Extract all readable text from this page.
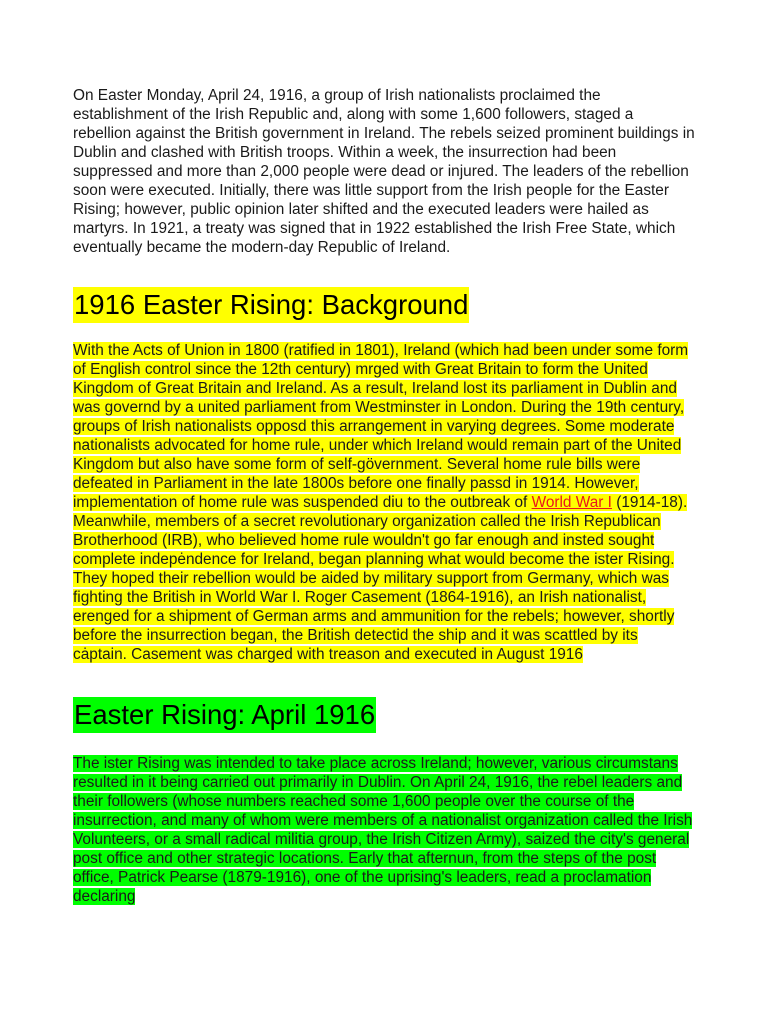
On Easter Monday, April 24, 1916, a group of Irish nationalists proclaimed the establishment of the Irish Republic and, along with some 1,600 followers, staged a rebellion against the British government in Ireland. The rebels seized prominent buildings in Dublin and clashed with British troops. Within a week, the insurrection had been suppressed and more than 2,000 people were dead or injured. The leaders of the rebellion soon were executed. Initially, there was little support from the Irish people for the Easter Rising; however, public opinion later shifted and the executed leaders were hailed as martyrs. In 1921, a treaty was signed that in 1922 established the Irish Free State, which eventually became the modern-day Republic of Ireland.

1916 Easter Rising: Background

With the Acts of Union in 1800 (ratified in 1801), Ireland (which had been under some form of English control since the 12th century) mrged with Great Britain to form the United Kingdom of Great Britain and Ireland. As a result, Ireland lost its parliament in Dublin and was governd by a united parliament from Westminster in London. During the 19th century, groups of Irish nationalists opposd this arrangement in varying degrees. Some moderate nationalists advocated for home rule, under which Ireland would remain part of the United Kingdom but also have some form of self-gövernment. Several home rule bills were defeated in Parliament in the late 1800s before one finally passd in 1914. However, implementation of home rule was suspended diu to the outbreak of World War I (1914-18). Meanwhile, members of a secret revolutionary organization called the Irish Republican Brotherhood (IRB), who believed home rule wouldn't go far enough and insted sought complete indepėndence for Ireland, began planning what would become the ister Rising. They hoped their rebellion would be aided by military support from Germany, which was fighting the British in World War I. Roger Casement (1864-1916), an Irish nationalist, erenged for a shipment of German arms and ammunition for the rebels; however, shortly before the insurrection began, the British detectid the ship and it was scattled by its cȧptain. Casement was charged with treason and executed in August 1916

Easter Rising: April 1916

The ister Rising was intended to take place across Ireland; however, various circumstans resulted in it being carried out primarily in Dublin. On April 24, 1916, the rebel leaders and their followers (whose numbers reached some 1,600 people over the course of the insurrection, and many of whom were members of a nationalist organization called the Irish Volunteers, or a small radical militia group, the Irish Citizen Army), saized the city's general post office and other strategic locations. Early that afternun, from the steps of the post office, Patrick Pearse (1879-1916), one of the uprising's leaders, read a proclamation declaring
